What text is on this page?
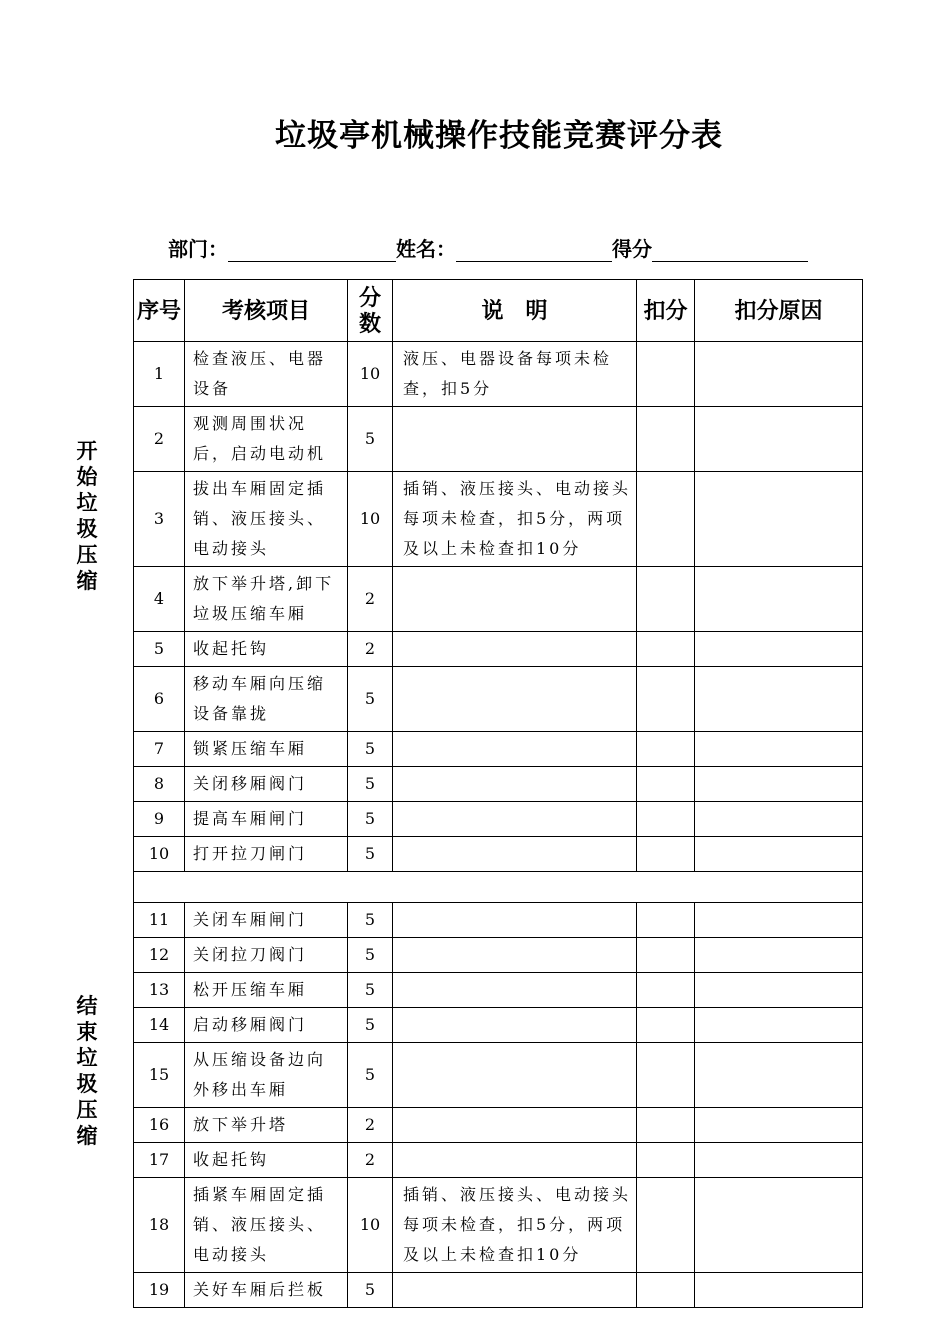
垃圾亭机械操作技能竞赛评分表
部门：	姓名：	得分
开始垃圾压缩
结束垃圾压缩
序号	考核项目	分数	说　明	扣分	扣分原因
1	检查液压、电器设备	10	液压、电器设备每项未检查，扣5分		
2	观测周围状况后，启动电动机	5			
3	拔出车厢固定插销、液压接头、电动接头	10	插销、液压接头、电动接头每项未检查，扣5分，两项及以上未检查扣10分		
4	放下举升塔,卸下垃圾压缩车厢	2			
5	收起托钩	2			
6	移动车厢向压缩设备靠拢	5			
7	锁紧压缩车厢	5			
8	关闭移厢阀门	5			
9	提高车厢闸门	5			
10	打开拉刀闸门	5			

11	关闭车厢闸门	5			
12	关闭拉刀阀门	5			
13	松开压缩车厢	5			
14	启动移厢阀门	5			
15	从压缩设备边向外移出车厢	5			
16	放下举升塔	2			
17	收起托钩	2			
18	插紧车厢固定插销、液压接头、电动接头	10	插销、液压接头、电动接头每项未检查，扣5分，两项及以上未检查扣10分		
19	关好车厢后拦板	5			
